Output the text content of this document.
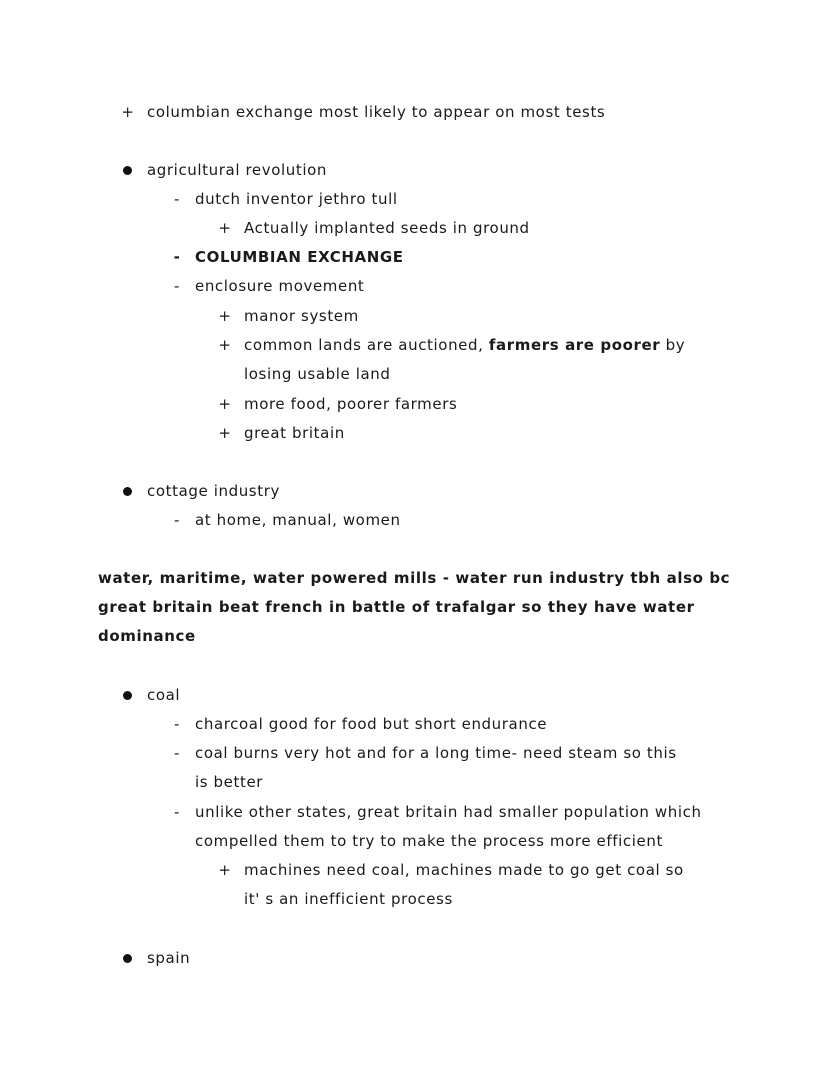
+ columbian exchange most likely to appear on most tests
agricultural revolution
- dutch inventor jethro tull
+ Actually implanted seeds in ground
- COLUMBIAN EXCHANGE
- enclosure movement
+ manor system
+ common lands are auctioned, farmers are poorer by
losing usable land
+ more food, poorer farmers
+ great britain
cottage industry
- at home, manual, women
water, maritime, water powered mills - water run industry tbh also bc
great britain beat french in battle of trafalgar so they have water
dominance
coal
- charcoal good for food but short endurance
- coal burns very hot and for a long time- need steam so this
is better
- unlike other states, great britain had smaller population which
compelled them to try to make the process more efficient
+ machines need coal, machines made to go get coal so
it' s an inefficient process
spain
